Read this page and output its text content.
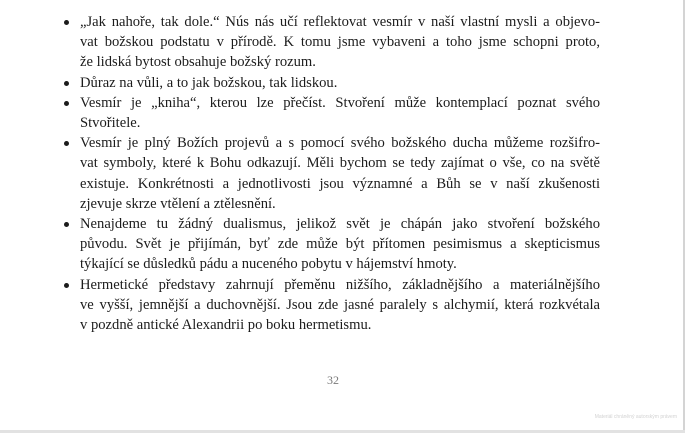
„Jak nahoře, tak dole.“ Nús nás učí reflektovat vesmír v naší vlastní mysli a objevo-
vat božskou podstatu v přírodě. K tomu jsme vybaveni a toho jsme schopni proto,
že lidská bytost obsahuje božský rozum.
Důraz na vůli, a to jak božskou, tak lidskou.
Vesmír je „kniha“, kterou lze přečíst. Stvoření může kontemplací poznat svého
Stvořitele.
Vesmír je plný Božích projevů a s pomocí svého božského ducha můžeme rozšifro-
vat symboly, které k Bohu odkazují. Měli bychom se tedy zajímat o vše, co na světě
existuje. Konkrétnosti a jednotlivosti jsou významné a Bůh se v naší zkušenosti
zjevuje skrze vtělení a ztělesnění.
Nenajdeme tu žádný dualismus, jelikož svět je chápán jako stvoření božského
původu. Svět je přijímán, byť zde může být přítomen pesimismus a skepticismus
týkající se důsledků pádu a nuceného pobytu v hájemství hmoty.
Hermetické představy zahrnují přeměnu nižšího, základnějšího a materiálnějšího
ve vyšší, jemnější a duchovnější. Jsou zde jasné paralely s alchymií, která rozkvétala
v pozdně antické Alexandrii po boku hermetismu.
32
Materiál chráněný autorským právem
